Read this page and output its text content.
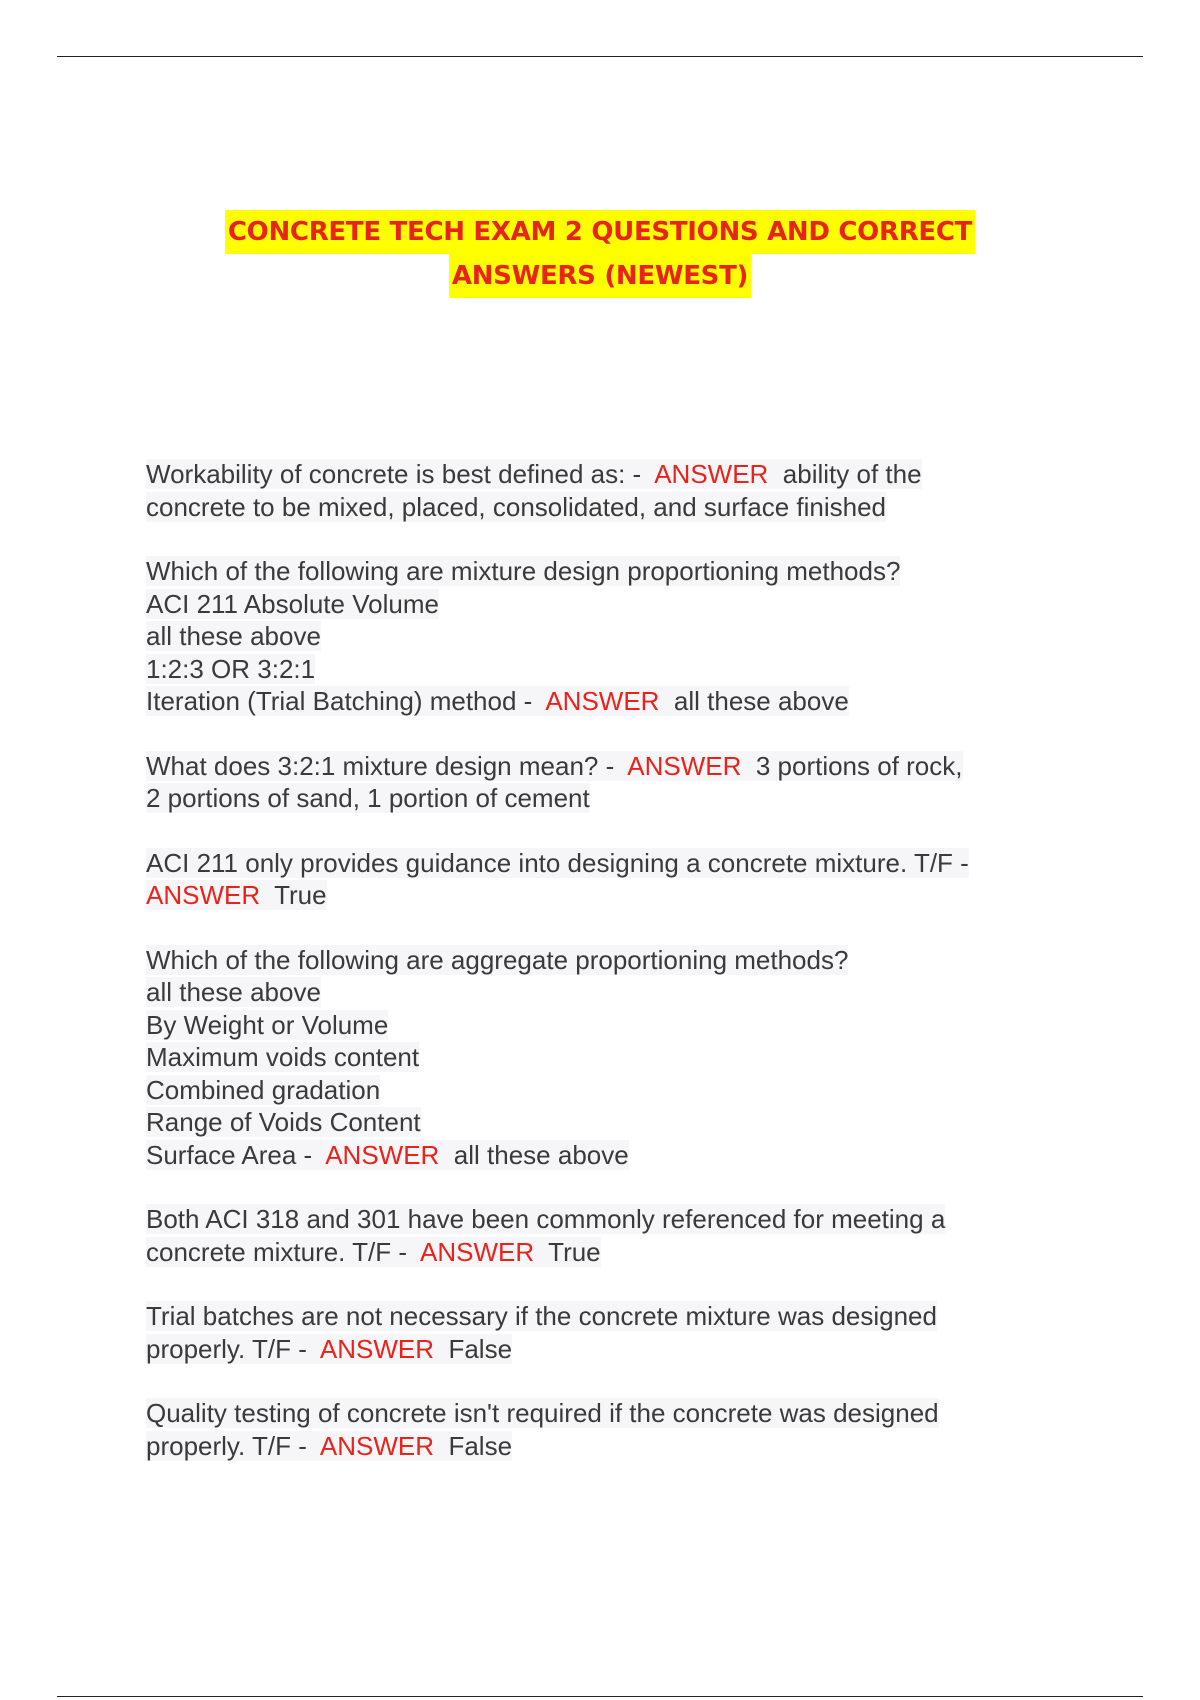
CONCRETE TECH EXAM 2 QUESTIONS AND CORRECT
ANSWERS (NEWEST)
Workability of concrete is best defined as: -  ANSWER  ability of the
concrete to be mixed, placed, consolidated, and surface finished
Which of the following are mixture design proportioning methods?
ACI 211 Absolute Volume
all these above
1:2:3 OR 3:2:1
Iteration (Trial Batching) method -  ANSWER  all these above
What does 3:2:1 mixture design mean? -  ANSWER  3 portions of rock,
2 portions of sand, 1 portion of cement
ACI 211 only provides guidance into designing a concrete mixture. T/F -
ANSWER  True
Which of the following are aggregate proportioning methods?
all these above
By Weight or Volume
Maximum voids content
Combined gradation
Range of Voids Content
Surface Area -  ANSWER  all these above
Both ACI 318 and 301 have been commonly referenced for meeting a
concrete mixture. T/F -  ANSWER  True
Trial batches are not necessary if the concrete mixture was designed
properly. T/F -  ANSWER  False
Quality testing of concrete isn't required if the concrete was designed
properly. T/F -  ANSWER  False
